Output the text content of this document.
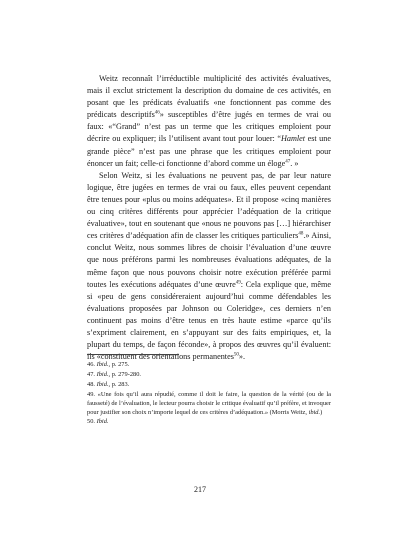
Weitz reconnaît l’irréductible multiplicité des activités évaluatives, mais il exclut strictement la description du domaine de ces activités, en posant que les prédicats évaluatifs «ne fonctionnent pas comme des prédicats descriptifs$^{46}$» susceptibles d’être jugés en termes de vrai ou faux: «“Grand” n’est pas un terme que les critiques emploient pour décrire ou expliquer; ils l’utilisent avant tout pour louer: “Hamlet est une grande pièce” n’est pas une phrase que les critiques emploient pour énoncer un fait; celle-ci fonctionne d’abord comme un éloge$^{47}$. »

Selon Weitz, si les évaluations ne peuvent pas, de par leur nature logique, être jugées en termes de vrai ou faux, elles peuvent cependant être tenues pour «plus ou moins adéquates». Et il propose «cinq manières ou cinq critères différents pour apprécier l’adéquation de la critique évaluative», tout en soutenant que «nous ne pouvons pas […] hiérarchiser ces critères d’adéquation afin de classer les critiques particuliers$^{48}$.» Ainsi, conclut Weitz, nous sommes libres de choisir l’évaluation d’une œuvre que nous préférons parmi les nombreuses évaluations adéquates, de la même façon que nous pouvons choisir notre exécution préférée parmi toutes les exécutions adéquates d’une œuvre$^{49}$: Cela explique que, même si «peu de gens considéreraient aujourd’hui comme défendables les évaluations proposées par Johnson ou Coleridge», ces derniers n’en continuent pas moins d’être tenus en très haute estime «parce qu’ils s’expriment clairement, en s’appuyant sur des faits empiriques, et, la plupart du temps, de façon féconde», à propos des œuvres qu’il évaluent: ils «constituent des orientations permanentes$^{50}$».

46. Ibid., p. 275.
47. Ibid., p. 279-280.
48. Ibid., p. 283.
49. «Une fois qu’il aura répudié, comme il doit le faire, la question de la vérité (ou de la fausseté) de l’évaluation, le lecteur pourra choisir le critique évaluatif qu’il préfère, et invoquer pour justifier son choix n’importe lequel de ces critères d’adéquation.» (Morris Weitz, ibid.)
50. Ibid.
217
